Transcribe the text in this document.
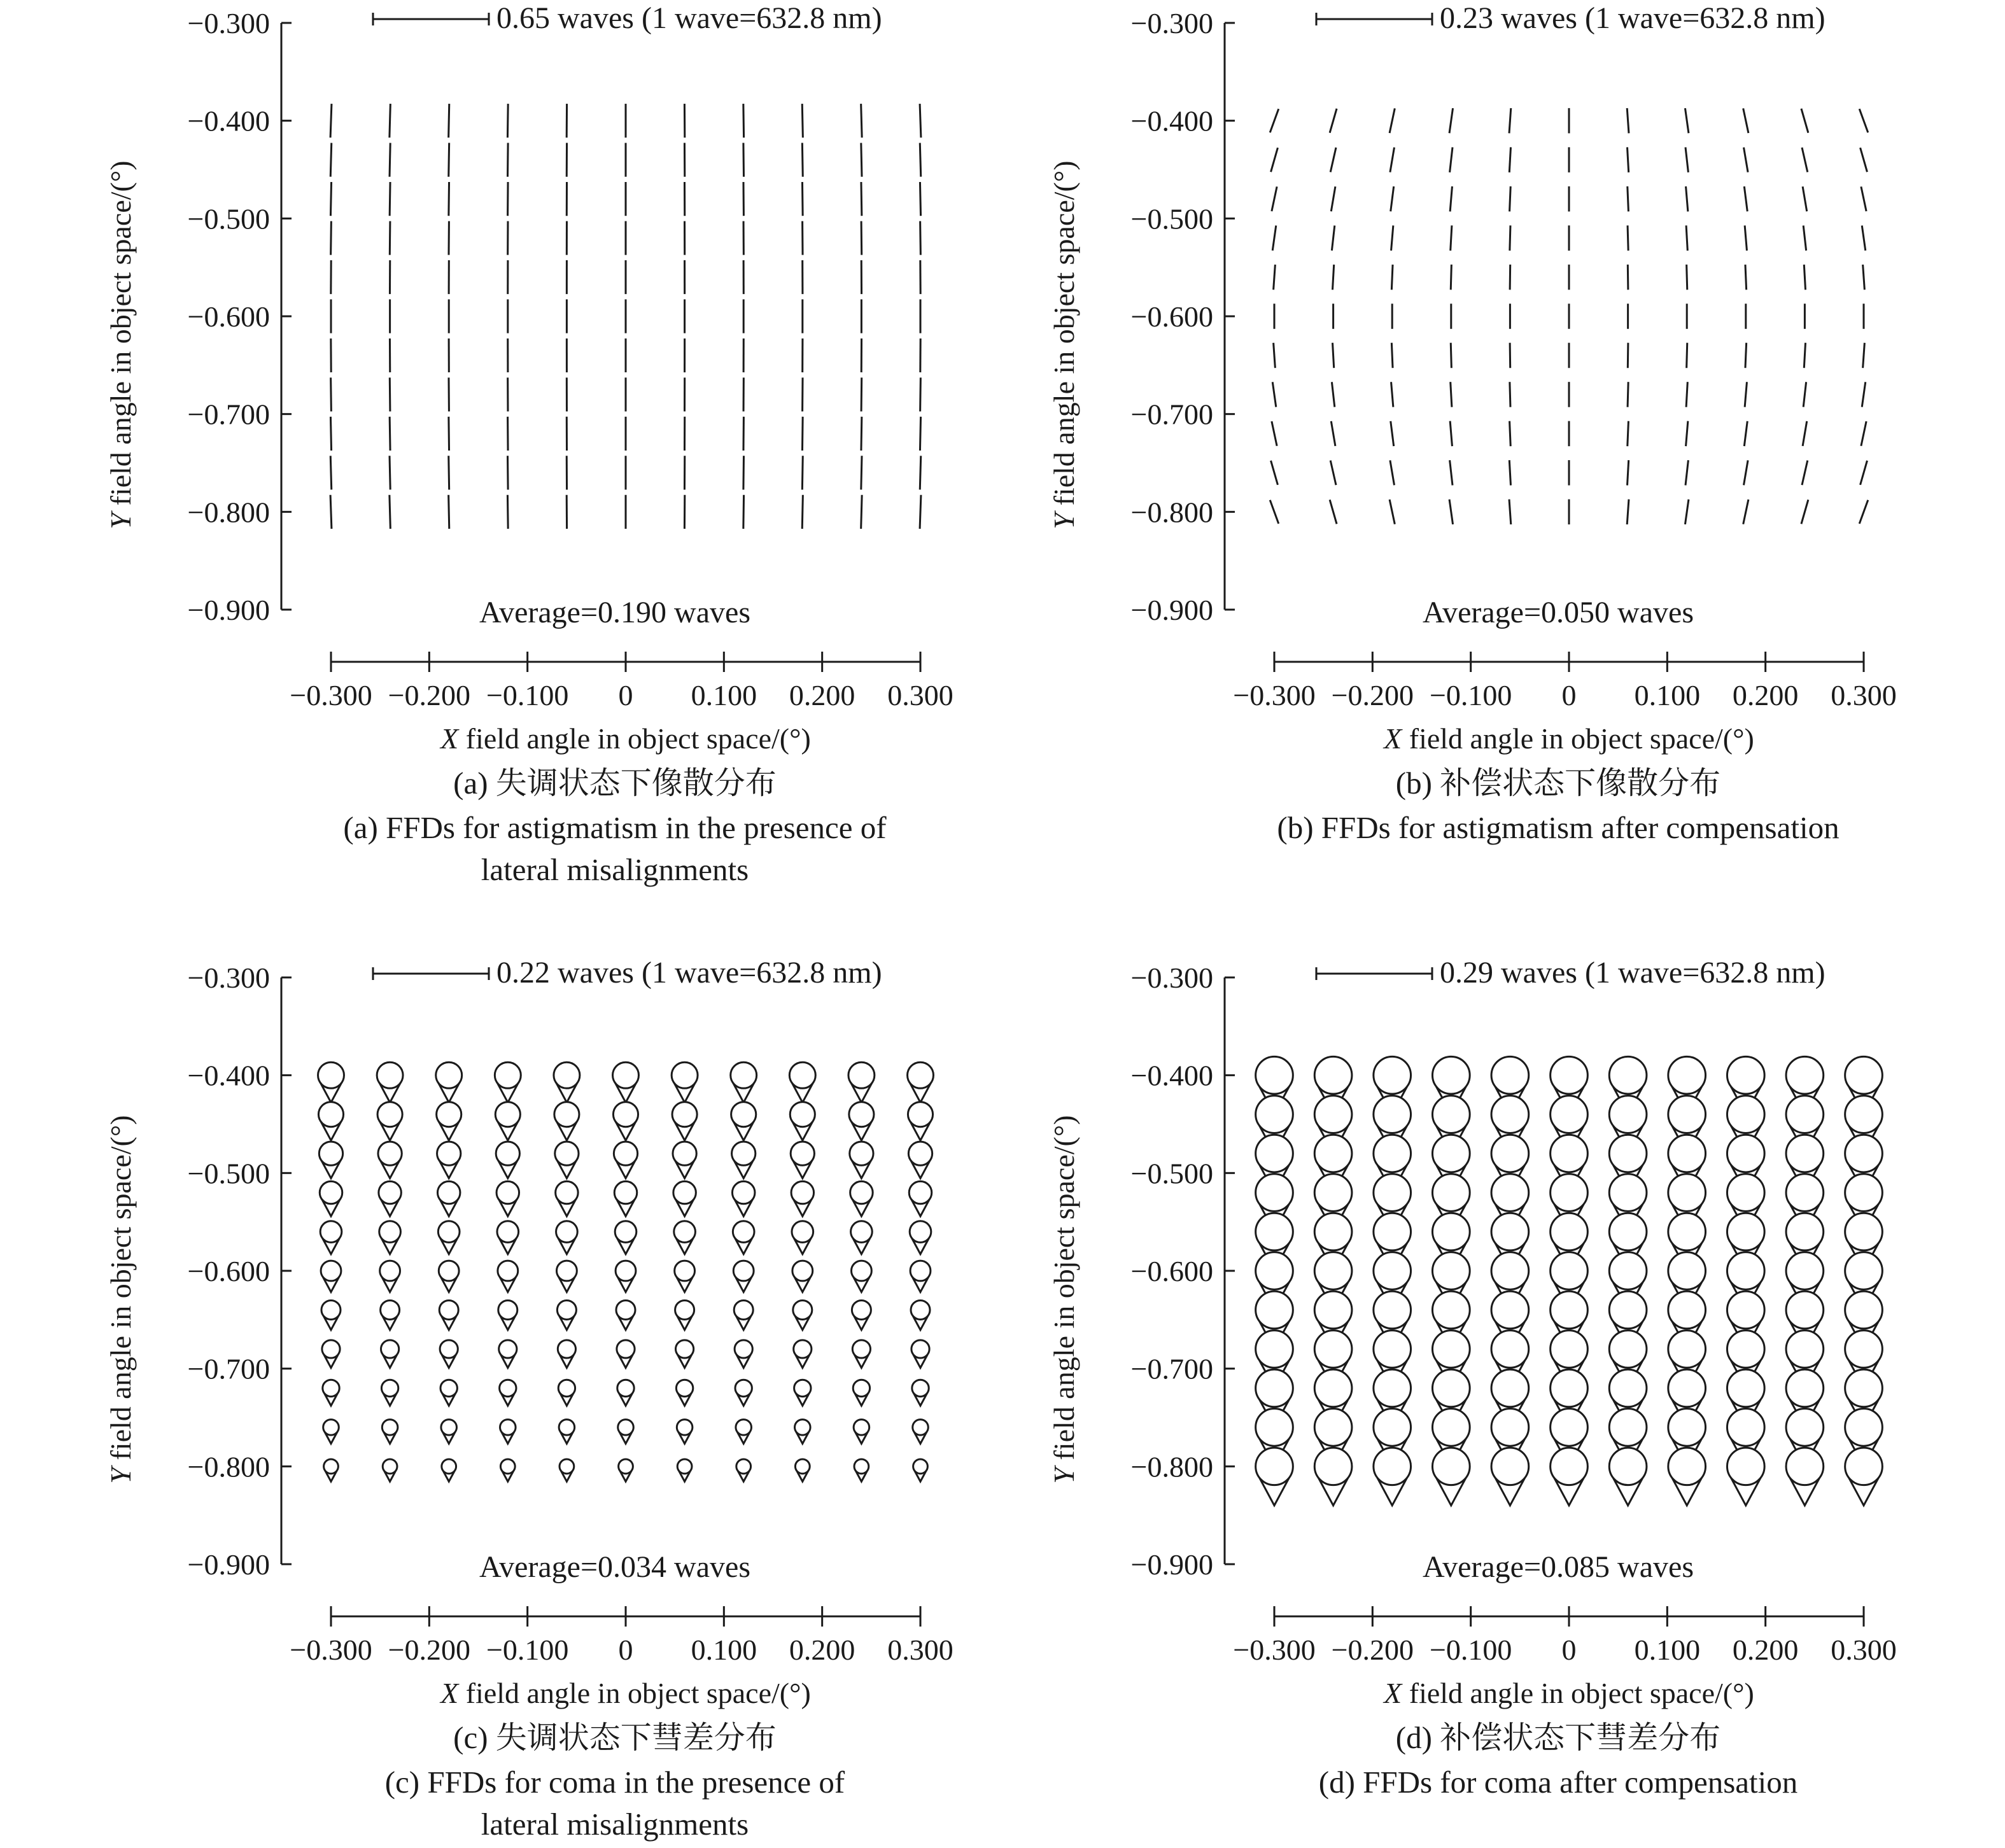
−0.300
−0.400
−0.500
−0.600
−0.700
−0.800
−0.900
Y field angle in object space/(°)
−0.300 −0.200 −0.100 0 0.100 0.200 0.300
X field angle in object space/(°)
0.65 waves (1 wave=632.8 nm)
Average=0.190 waves
(a) 失调状态下像散分布
(a) FFDs for astigmatism in the presence of
lateral misalignments
−0.300
−0.400
−0.500
−0.600
−0.700
−0.800
−0.900
Y field angle in object space/(°)
−0.300 −0.200 −0.100 0 0.100 0.200 0.300
X field angle in object space/(°)
0.23 waves (1 wave=632.8 nm)
Average=0.050 waves
(b) 补偿状态下像散分布
(b) FFDs for astigmatism after compensation
−0.300
−0.400
−0.500
−0.600
−0.700
−0.800
−0.900
Y field angle in object space/(°)
−0.300 −0.200 −0.100 0 0.100 0.200 0.300
X field angle in object space/(°)
0.22 waves (1 wave=632.8 nm)
Average=0.034 waves
(c) 失调状态下彗差分布
(c) FFDs for coma in the presence of
lateral misalignments
−0.300
−0.400
−0.500
−0.600
−0.700
−0.800
−0.900
Y field angle in object space/(°)
−0.300 −0.200 −0.100 0 0.100 0.200 0.300
X field angle in object space/(°)
0.29 waves (1 wave=632.8 nm)
Average=0.085 waves
(d) 补偿状态下彗差分布
(d) FFDs for coma after compensation
